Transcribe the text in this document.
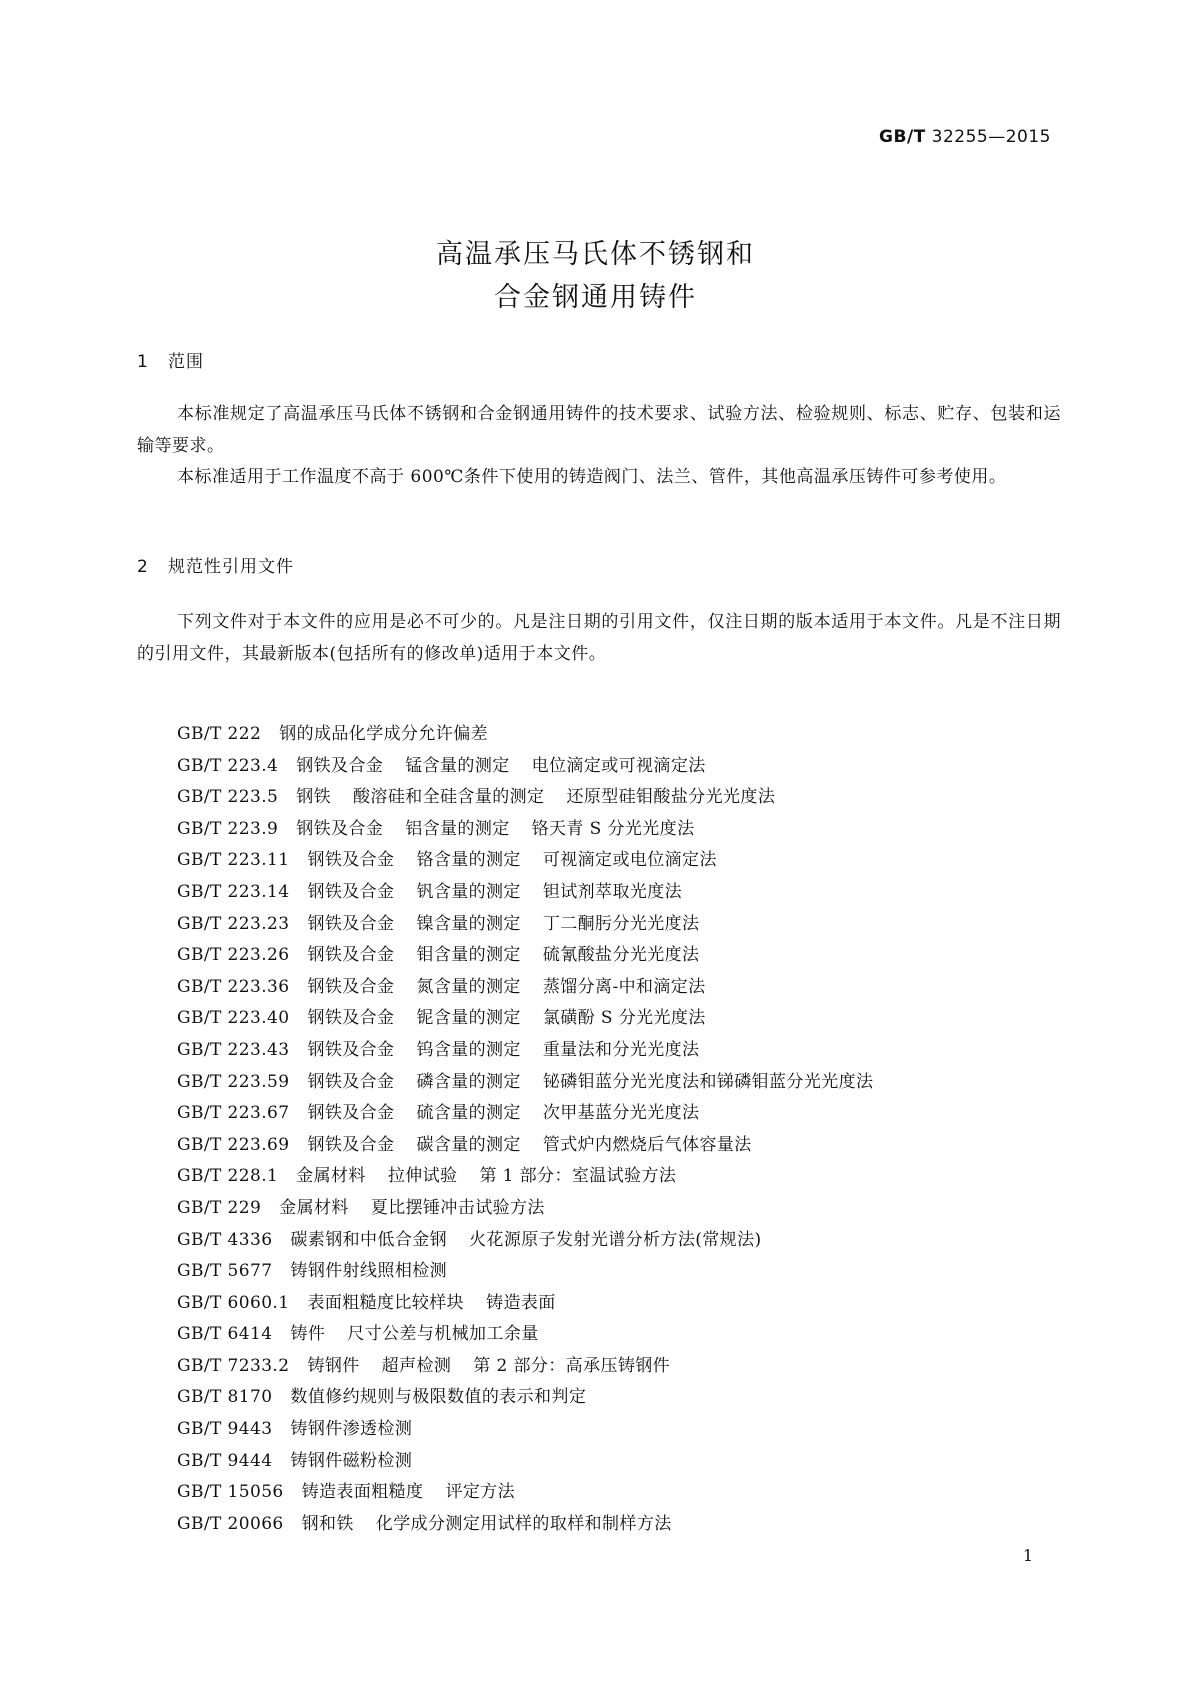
GB/T 32255—2015
高温承压马氏体不锈钢和
合金钢通用铸件
1 范围
本标准规定了高温承压马氏体不锈钢和合金钢通用铸件的技术要求、试验方法、检验规则、标志、贮存、包装和运输等要求。
本标准适用于工作温度不高于 600℃条件下使用的铸造阀门、法兰、管件，其他高温承压铸件可参考使用。
2 规范性引用文件
下列文件对于本文件的应用是必不可少的。凡是注日期的引用文件，仅注日期的版本适用于本文件。凡是不注日期的引用文件，其最新版本(包括所有的修改单)适用于本文件。
GB/T 222 钢的成品化学成分允许偏差
GB/T 223.4 钢铁及合金 锰含量的测定 电位滴定或可视滴定法
GB/T 223.5 钢铁 酸溶硅和全硅含量的测定 还原型硅钼酸盐分光光度法
GB/T 223.9 钢铁及合金 铝含量的测定 铬天青 S 分光光度法
GB/T 223.11 钢铁及合金 铬含量的测定 可视滴定或电位滴定法
GB/T 223.14 钢铁及合金 钒含量的测定 钽试剂萃取光度法
GB/T 223.23 钢铁及合金 镍含量的测定 丁二酮肟分光光度法
GB/T 223.26 钢铁及合金 钼含量的测定 硫氰酸盐分光光度法
GB/T 223.36 钢铁及合金 氮含量的测定 蒸馏分离-中和滴定法
GB/T 223.40 钢铁及合金 铌含量的测定 氯磺酚 S 分光光度法
GB/T 223.43 钢铁及合金 钨含量的测定 重量法和分光光度法
GB/T 223.59 钢铁及合金 磷含量的测定 铋磷钼蓝分光光度法和锑磷钼蓝分光光度法
GB/T 223.67 钢铁及合金 硫含量的测定 次甲基蓝分光光度法
GB/T 223.69 钢铁及合金 碳含量的测定 管式炉内燃烧后气体容量法
GB/T 228.1 金属材料 拉伸试验 第 1 部分：室温试验方法
GB/T 229 金属材料 夏比摆锤冲击试验方法
GB/T 4336 碳素钢和中低合金钢 火花源原子发射光谱分析方法(常规法)
GB/T 5677 铸钢件射线照相检测
GB/T 6060.1 表面粗糙度比较样块 铸造表面
GB/T 6414 铸件 尺寸公差与机械加工余量
GB/T 7233.2 铸钢件 超声检测 第 2 部分：高承压铸钢件
GB/T 8170 数值修约规则与极限数值的表示和判定
GB/T 9443 铸钢件渗透检测
GB/T 9444 铸钢件磁粉检测
GB/T 15056 铸造表面粗糙度 评定方法
GB/T 20066 钢和铁 化学成分测定用试样的取样和制样方法
1
